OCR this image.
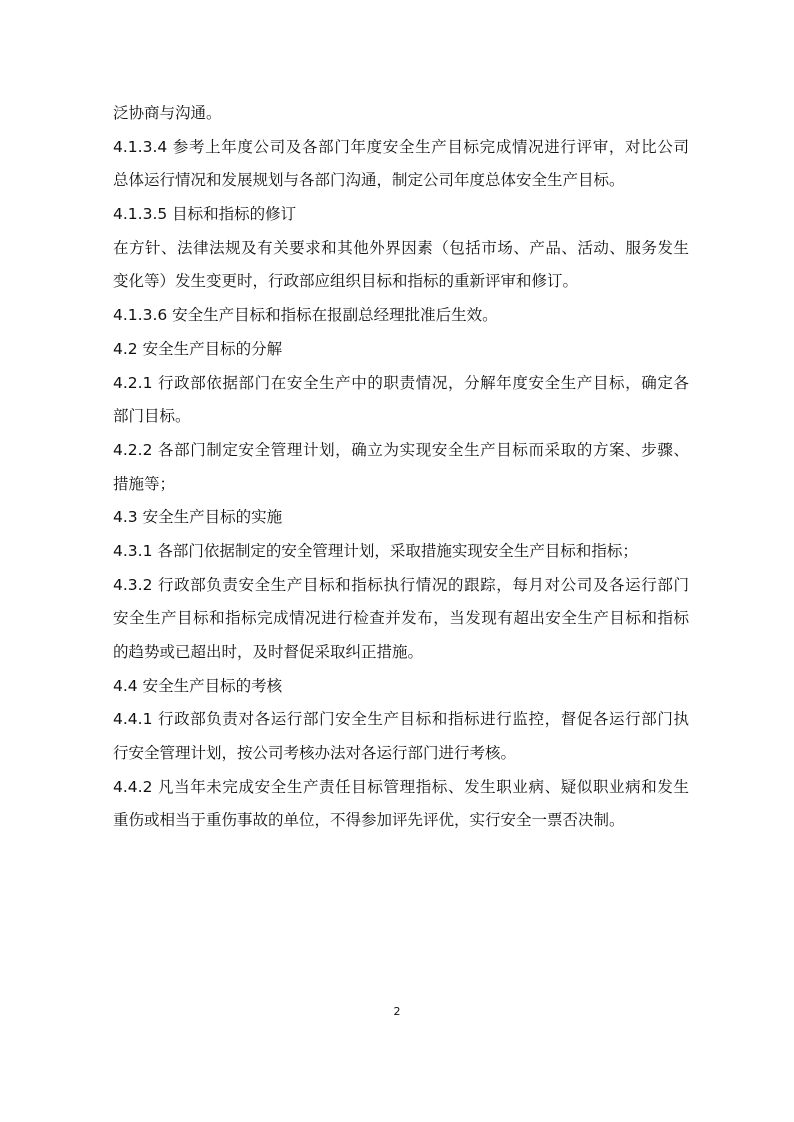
泛协商与沟通。
4.1.3.4 参考上年度公司及各部门年度安全生产目标完成情况进行评审，对比公司
总体运行情况和发展规划与各部门沟通，制定公司年度总体安全生产目标。
4.1.3.5 目标和指标的修订
在方针、法律法规及有关要求和其他外界因素（包括市场、产品、活动、服务发生
变化等）发生变更时，行政部应组织目标和指标的重新评审和修订。
4.1.3.6 安全生产目标和指标在报副总经理批准后生效。
4.2 安全生产目标的分解
4.2.1 行政部依据部门在安全生产中的职责情况，分解年度安全生产目标，确定各
部门目标。
4.2.2 各部门制定安全管理计划，确立为实现安全生产目标而采取的方案、步骤、
措施等；
4.3 安全生产目标的实施
4.3.1 各部门依据制定的安全管理计划，采取措施实现安全生产目标和指标；
4.3.2 行政部负责安全生产目标和指标执行情况的跟踪，每月对公司及各运行部门
安全生产目标和指标完成情况进行检查并发布，当发现有超出安全生产目标和指标
的趋势或已超出时，及时督促采取纠正措施。
4.4 安全生产目标的考核
4.4.1 行政部负责对各运行部门安全生产目标和指标进行监控，督促各运行部门执
行安全管理计划，按公司考核办法对各运行部门进行考核。
4.4.2 凡当年未完成安全生产责任目标管理指标、发生职业病、疑似职业病和发生
重伤或相当于重伤事故的单位，不得参加评先评优，实行安全一票否决制。
2
